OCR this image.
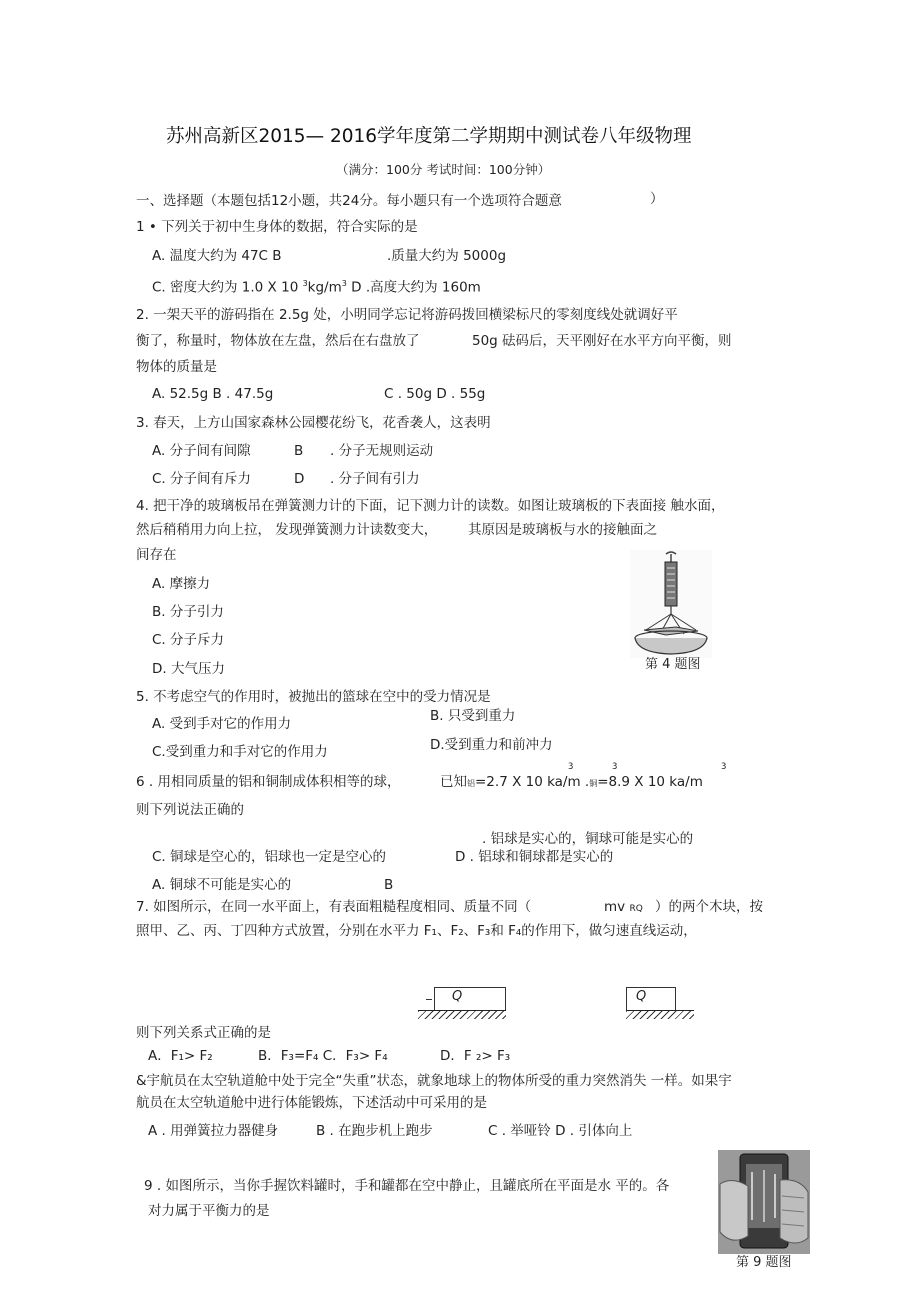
苏州高新区2015— 2016学年度第二学期期中测试卷八年级物理
（满分：100分 考试时间：100分钟）
一、选择题（本题包括12小题，共24分。每小题只有一个选项符合题意	）
1 • 下列关于初中生身体的数据，符合实际的是
A. 温度大约为 47C B	.质量大约为 5000g
C. 密度大约为 1.0 X 10 $^3kg/m^3$ D .高度大约为 160m
2. 一架天平的游码指在 2.5g 处，小明同学忘记将游码拨回横梁标尺的零刻度线处就调好平
衡了，称量时，物体放在左盘，然后在右盘放了	50g 砝码后，天平刚好在水平方向平衡，则
物体的质量是
A. 52.5g B . 47.5g	C . 50g D . 55g
3. 春天，上方山国家森林公园樱花纷飞，花香袭人，这表明
A. 分子间有间隙	B . 分子无规则运动
C. 分子间有斥力	D . 分子间有引力
4. 把干净的玻璃板吊在弹簧测力计的下面，记下测力计的读数。如图让玻璃板的下表面接 触水面，
然后稍稍用力向上拉， 发现弹簧测力计读数变大， 其原因是玻璃板与水的接触面之
间存在
A. 摩擦力
B. 分子引力
C. 分子斥力
D. 大气压力	第 4 题图
5. 不考虑空气的作用时，被抛出的篮球在空中的受力情况是
B. 只受到重力
A. 受到手对它的作用力
D.受到重力和前冲力
C.受到重力和手对它的作用力
3	3	3
6 . 用相同质量的铝和铜制成体积相等的球，	已知铝=2.7 X 10 ka/m .铜=8.9 X 10 ka/m
则下列说法正确的
. 铝球是实心的，铜球可能是实心的
C. 铜球是空心的，铝球也一定是空心的	D . 铝球和铜球都是实心的
A. 铜球不可能是实心的	B
7. 如图所示，在同一水平面上，有表面粗糙程度相同、质量不同（	mv RQ ）的两个木块，按
照甲、乙、丙、丁四种方式放置，分别在水平力 F₁、F₂、F₃和 F₄的作用下，做匀速直线运动，
Q	Q
则下列关系式正确的是
A．F₁> F₂	B．F₃=F₄ C．F₃> F₄	D．F ₂> F₃
&宇航员在太空轨道舱中处于完全“失重”状态，就象地球上的物体所受的重力突然消失 一样。如果宇
航员在太空轨道舱中进行体能锻炼，下述活动中可采用的是
A . 用弹簧拉力器健身	B . 在跑步机上跑步	C . 举哑铃 D . 引体向上
9 . 如图所示，当你手握饮料罐时，手和罐都在空中静止，且罐底所在平面是水 平的。各
对力属于平衡力的是
第 9 题图
